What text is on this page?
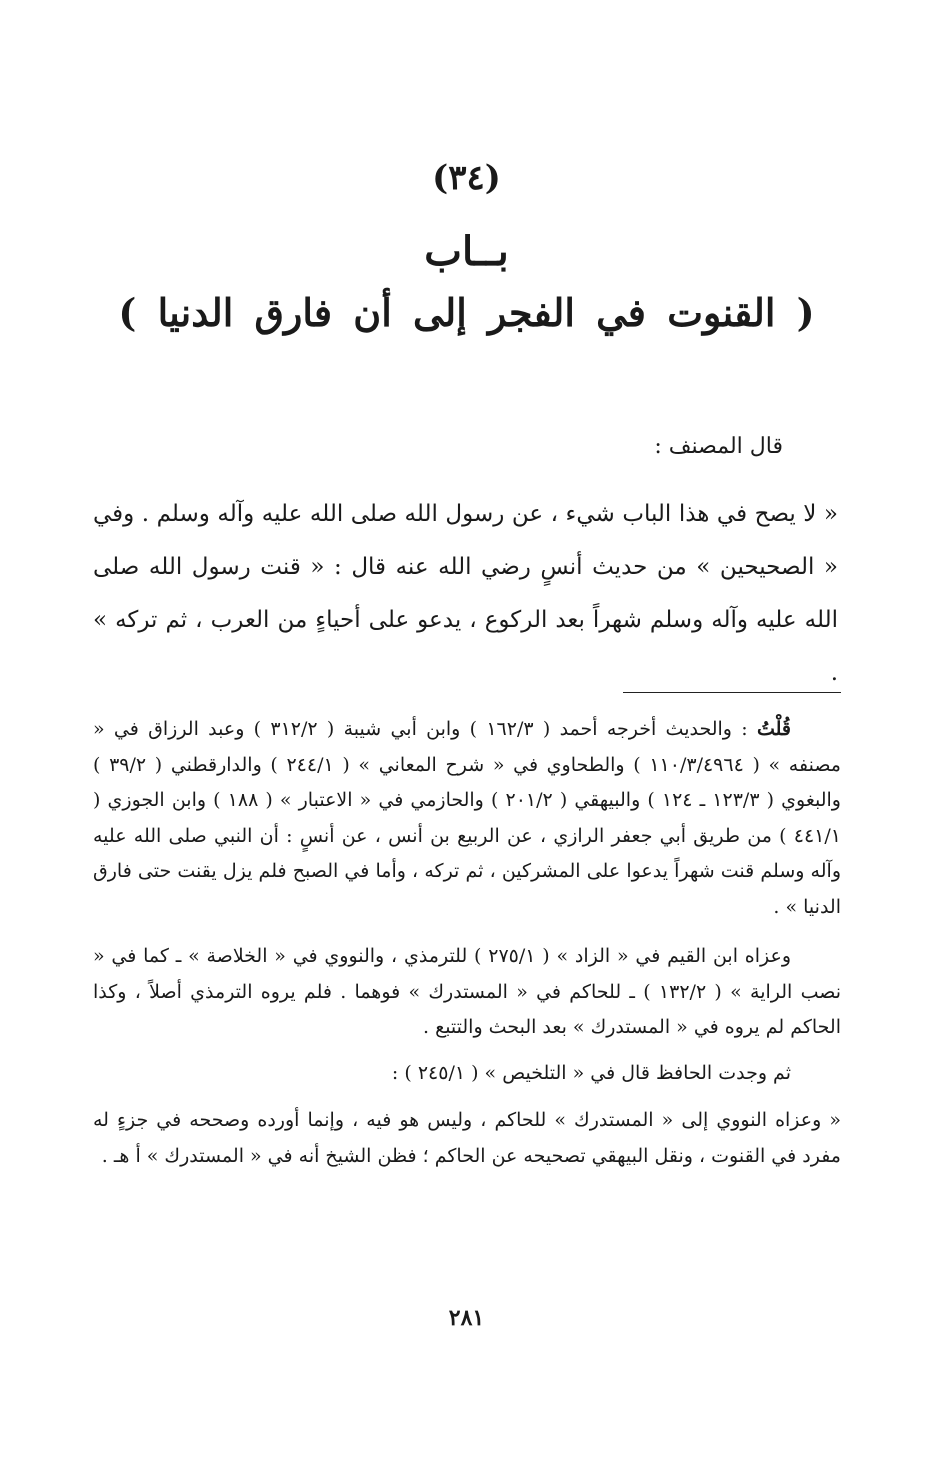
(٣٤)
بــاب
( القنوت في الفجر إلى أن فارق الدنيا )
قال المصنف :

« لا يصح في هذا الباب شيء ، عن رسول الله صلى الله عليه وآله وسلم . وفي « الصحيحين » من حديث أنسٍ رضي الله عنه قال : « قنت رسول الله صلى الله عليه وآله وسلم شهراً بعد الركوع ، يدعو على أحياءٍ من العرب ، ثم تركه » .

قُلْتُ : والحديث أخرجه أحمد ( ١٦٢/٣ ) وابن أبي شيبة ( ٣١٢/٢ ) وعبد الرزاق في « مصنفه » ( ١١٠/٣/٤٩٦٤ ) والطحاوي في « شرح المعاني » ( ٢٤٤/١ ) والدارقطني ( ٣٩/٢ ) والبغوي ( ١٢٣/٣ ـ ١٢٤ ) والبيهقي ( ٢٠١/٢ ) والحازمي في « الاعتبار » ( ١٨٨ ) وابن الجوزي ( ٤٤١/١ ) من طريق أبي جعفر الرازي ، عن الربيع بن أنس ، عن أنسٍ : أن النبي صلى الله عليه وآله وسلم قنت شهراً يدعوا على المشركين ، ثم تركه ، وأما في الصبح فلم يزل يقنت حتى فارق الدنيا » .

وعزاه ابن القيم في « الزاد » ( ٢٧٥/١ ) للترمذي ، والنووي في « الخلاصة » ـ كما في « نصب الراية » ( ١٣٢/٢ ) ـ للحاكم في « المستدرك » فوهما . فلم يروه الترمذي أصلاً ، وكذا الحاكم لم يروه في « المستدرك » بعد البحث والتتبع .

ثم وجدت الحافظ قال في « التلخيص » ( ٢٤٥/١ ) :

« وعزاه النووي إلى « المستدرك » للحاكم ، وليس هو فيه ، وإنما أورده وصححه في جزءٍ له مفرد في القنوت ، ونقل البيهقي تصحيحه عن الحاكم ؛ فظن الشيخ أنه في « المستدرك » أ هـ .

٢٨١
